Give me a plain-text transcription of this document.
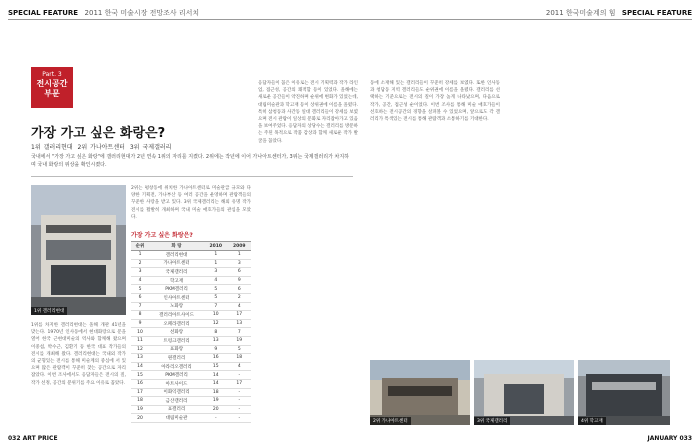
SPECIAL FEATURE 2011 한국 미술시장 전망조사 리서치	2011 한국미술계의 힘 SPECIAL FEATURE
Part. 3
전시공간
부문
가장 가고 싶은 화랑은?
1위 갤러리현대 2위 가나아트센터 3위 국제갤러리
국내에서 "가장 가고 싶은 화랑"에 갤러리현대가 2년 연속 1위의 자리를 지켰다. 2위에는 작년에 이어 가나아트센터가, 3위는 국제갤러리가 차지하며 국내 화랑의 위상을 확인시켰다.
1위 갤러리현대
1위를 차지한 갤러리현대는 올해 개관 41년을 맞는다. 1970년 인사동에서 현대화랑으로 문을 열어 한국 근현대미술의 역사와 함께해 왔으며 이중섭, 박수근, 김환기 등 한국 대표 작가들의 전시를 개최해 왔다. 갤러리현대는 국내외 작가의 균형있는 전시를 통해 미술계의 중심에 서 있으며 많은 관람객이 꾸준히 찾는 공간으로 자리잡았다. 이번 조사에서도 응답자들은 전시의 질, 작가 선정, 공간의 분위기를 주요 이유로 꼽았다.
2위는 평창동에 위치한 가나아트센터로 미술관급 규모와 다양한 기획전, 가나부산 등 여러 공간을 운영하며 관람객들의 꾸준한 사랑을 받고 있다. 3위 국제갤러리는 해외 유명 작가 전시를 활발히 개최하며 국내 미술 애호가들의 관심을 모았다.
가장 가고 싶은 화랑은?
순위	화 랑	2010	2009
1	갤러리현대	1	1
2	가나아트센터	1	3
3	국제갤러리	3	6
4	학고재	4	9
5	PKM갤러리	5	6
6	인사아트센터	5	2
7	노화랑	7	4
8	갤러리아트사이드	10	17
9	오페라갤러리	12	13
10	선화랑	8	7
11	트렁크갤러리	13	19
12	표화랑	9	5
13	원갤러리	16	18
14	아라리오갤러리	15	4
15	PKM갤러리	14	-
16	아트사이드	14	17
17	이화익갤러리	18	-
18	금산갤러리	19	-
19	표갤러리	20	-
20	대림미술관	-	-
응답자들이 꼽은 이유로는 전시 기획력과 작가 라인업, 접근성, 공간의 쾌적함 등이 있었다. 올해에는 새로운 공간들이 약진하며 순위에 변화가 있었는데, 대림미술관과 학고재 등이 상위권에 이름을 올렸다. 특히 삼청동과 사간동 일대 갤러리들이 강세를 보였으며 전시 관람이 일상의 문화로 자리잡아가고 있음을 보여주었다. 응답자의 상당수는 갤러리를 방문하는 주된 목적으로 작품 감상과 함께 새로운 작가 발굴을 꼽았다.
동에 소재해 있는 갤러리들이 꾸준히 강세를 보였다. 또한 인사동과 청담동 지역 갤러리들도 순위권에 이름을 올렸다. 갤러리를 선택하는 기준으로는 전시의 질이 가장 높게 나타났으며, 다음으로 작가, 공간, 접근성 순이었다. 이번 조사를 통해 미술 애호가들이 선호하는 전시공간의 경향을 살펴볼 수 있었으며, 앞으로도 각 갤러리가 특색있는 전시를 통해 관람객과 소통하기를 기대한다.
2위 가나아트센터	3위 국제갤러리	4위 학고재
032 ART PRICE	JANUARY 033
